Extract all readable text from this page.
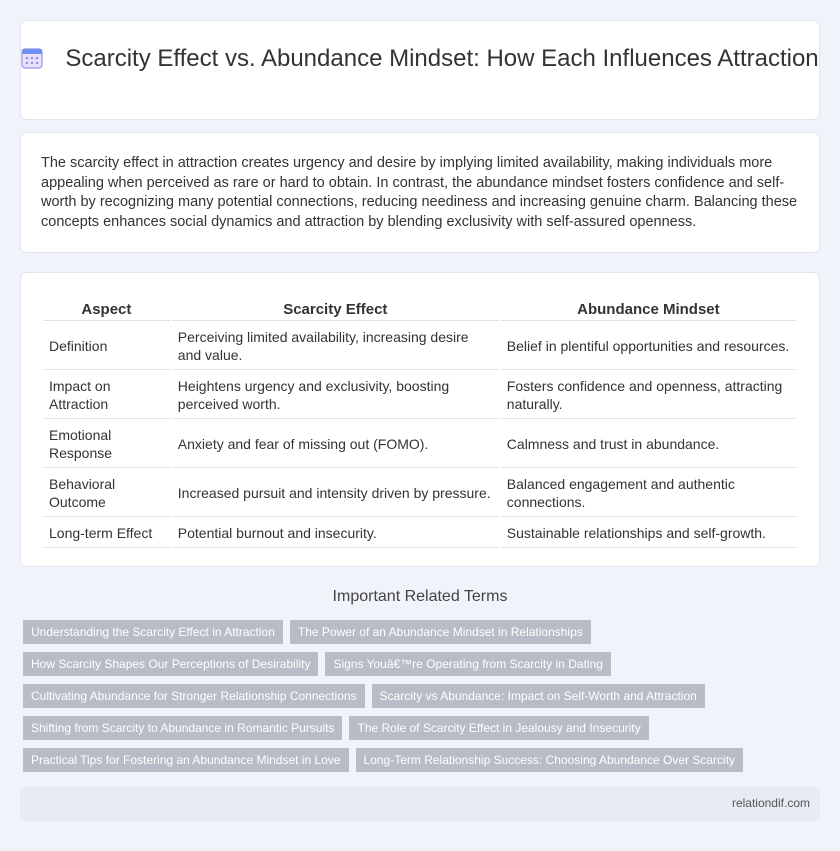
Scarcity Effect vs. Abundance Mindset: How Each Influences Attraction

The scarcity effect in attraction creates urgency and desire by implying limited availability, making individuals more appealing when perceived as rare or hard to obtain. In contrast, the abundance mindset fosters confidence and self-worth by recognizing many potential connections, reducing neediness and increasing genuine charm. Balancing these concepts enhances social dynamics and attraction by blending exclusivity with self-assured openness.

Aspect	Scarcity Effect	Abundance Mindset
Definition	Perceiving limited availability, increasing desire and value.	Belief in plentiful opportunities and resources.
Impact on Attraction	Heightens urgency and exclusivity, boosting perceived worth.	Fosters confidence and openness, attracting naturally.
Emotional Response	Anxiety and fear of missing out (FOMO).	Calmness and trust in abundance.
Behavioral Outcome	Increased pursuit and intensity driven by pressure.	Balanced engagement and authentic connections.
Long-term Effect	Potential burnout and insecurity.	Sustainable relationships and self-growth.
Important Related Terms
Understanding the Scarcity Effect in Attraction	The Power of an Abundance Mindset in Relationships
How Scarcity Shapes Our Perceptions of Desirability	Signs Youâ€™re Operating from Scarcity in Dating
Cultivating Abundance for Stronger Relationship Connections	Scarcity vs Abundance: Impact on Self-Worth and Attraction
Shifting from Scarcity to Abundance in Romantic Pursuits	The Role of Scarcity Effect in Jealousy and Insecurity
Practical Tips for Fostering an Abundance Mindset in Love	Long-Term Relationship Success: Choosing Abundance Over Scarcity
relationdif.com
